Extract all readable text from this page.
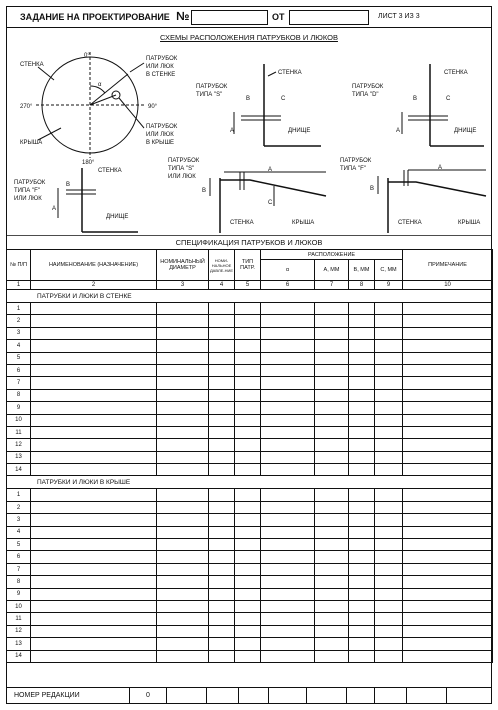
ЗАДАНИЕ НА ПРОЕКТИРОВАНИЕ №	ОТ	ЛИСТ 3 ИЗ 3
СХЕМЫ РАСПОЛОЖЕНИЯ ПАТРУБКОВ И ЛЮКОВ
0°
90°
180°
270°
α
СТЕНКА
КРЫША
ПАТРУБОК
ИЛИ ЛЮК
В СТЕНКЕ
ПАТРУБОК
ИЛИ ЛЮК
В КРЫШЕ
СТЕНКА
ПАТРУБОК
ТИПА "S"
B	C
A	ДНИЩЕ
СТЕНКА
ПАТРУБОК
ТИПА "D"
B	C
A	ДНИЩЕ
СТЕНКА
ПАТРУБОК
ТИПА "F"
ИЛИ ЛЮК
B
A
ДНИЩЕ
ПАТРУБОК
ТИПА "S"
ИЛИ ЛЮК
A
B
C
СТЕНКА	КРЫША
ПАТРУБОК
ТИПА "F"	A
B
СТЕНКА	КРЫША
СПЕЦИФИКАЦИЯ ПАТРУБКОВ И ЛЮКОВ
№ П/П	НАИМЕНОВАНИЕ (НАЗНАЧЕНИЕ)	НОМИНАЛЬНЫЙ ДИАМЕТР	НОМИ-НАЛЬНОЕ ДАВЛЕ-НИЕ	ТИП ПАТР.	РАСПОЛОЖЕНИЕ				ПРИМЕЧАНИЕ
					α	А, ММ	В, ММ	С, ММ	
1	2	3	4	5	6	7	8	9	10
ПАТРУБКИ И ЛЮКИ В СТЕНКЕ									
1									
2									
3									
4									
5									
6									
7									
8									
9									
10									
11									
12									
13									
14									
ПАТРУБКИ И ЛЮКИ В КРЫШЕ									
1									
2									
3									
4									
5									
6									
7									
8									
9									
10									
11									
12									
13									
14									
НОМЕР РЕДАКЦИИ	0
